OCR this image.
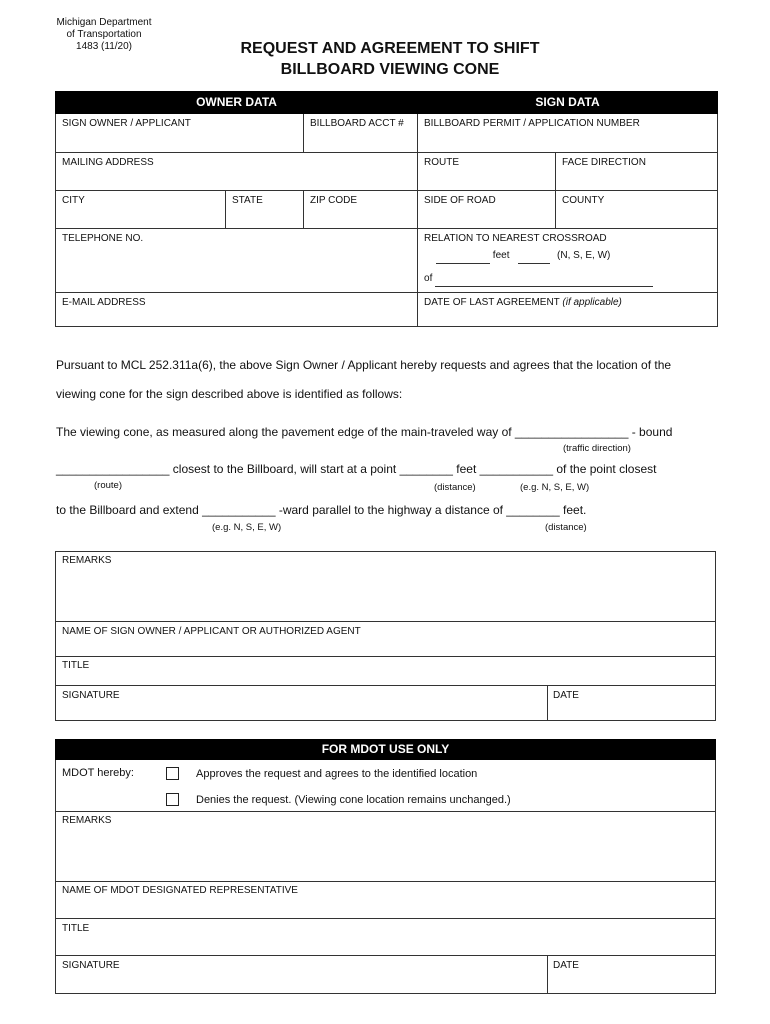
Michigan Department
of Transportation
1483 (11/20)	REQUEST AND AGREEMENT TO SHIFT
BILLBOARD VIEWING CONE
OWNER DATA			SIGN DATA	
SIGN OWNER / APPLICANT		BILLBOARD ACCT #	BILLBOARD PERMIT / APPLICATION NUMBER	
MAILING ADDRESS			ROUTE	FACE DIRECTION
CITY	STATE	ZIP CODE	SIDE OF ROAD	COUNTY
TELEPHONE NO.			RELATION TO NEAREST CROSSROAD
feet (N, S, E, W)
of	

E-MAIL ADDRESS			DATE OF LAST AGREEMENT (if applicable)	
Pursuant to MCL 252.311a(6), the above Sign Owner / Applicant hereby requests and agrees that the location of the
viewing cone for the sign described above is identified as follows:
The viewing cone, as measured along the pavement edge of the main-traveled way of _________________ - bound
(traffic direction)
_________________ closest to the Billboard, will start at a point ________ feet ___________ of the point closest
(route)	(distance)	(e.g. N, S, E, W)
to the Billboard and extend ___________ -ward parallel to the highway a distance of ________ feet.
(e.g. N, S, E, W)	(distance)
REMARKS
NAME OF SIGN OWNER / APPLICANT OR AUTHORIZED AGENT
TITLE
SIGNATURE	DATE
FOR MDOT USE ONLY
MDOT hereby:	Approves the request and agrees to the identified location
Denies the request. (Viewing cone location remains unchanged.)
REMARKS
NAME OF MDOT DESIGNATED REPRESENTATIVE
TITLE
SIGNATURE	DATE
